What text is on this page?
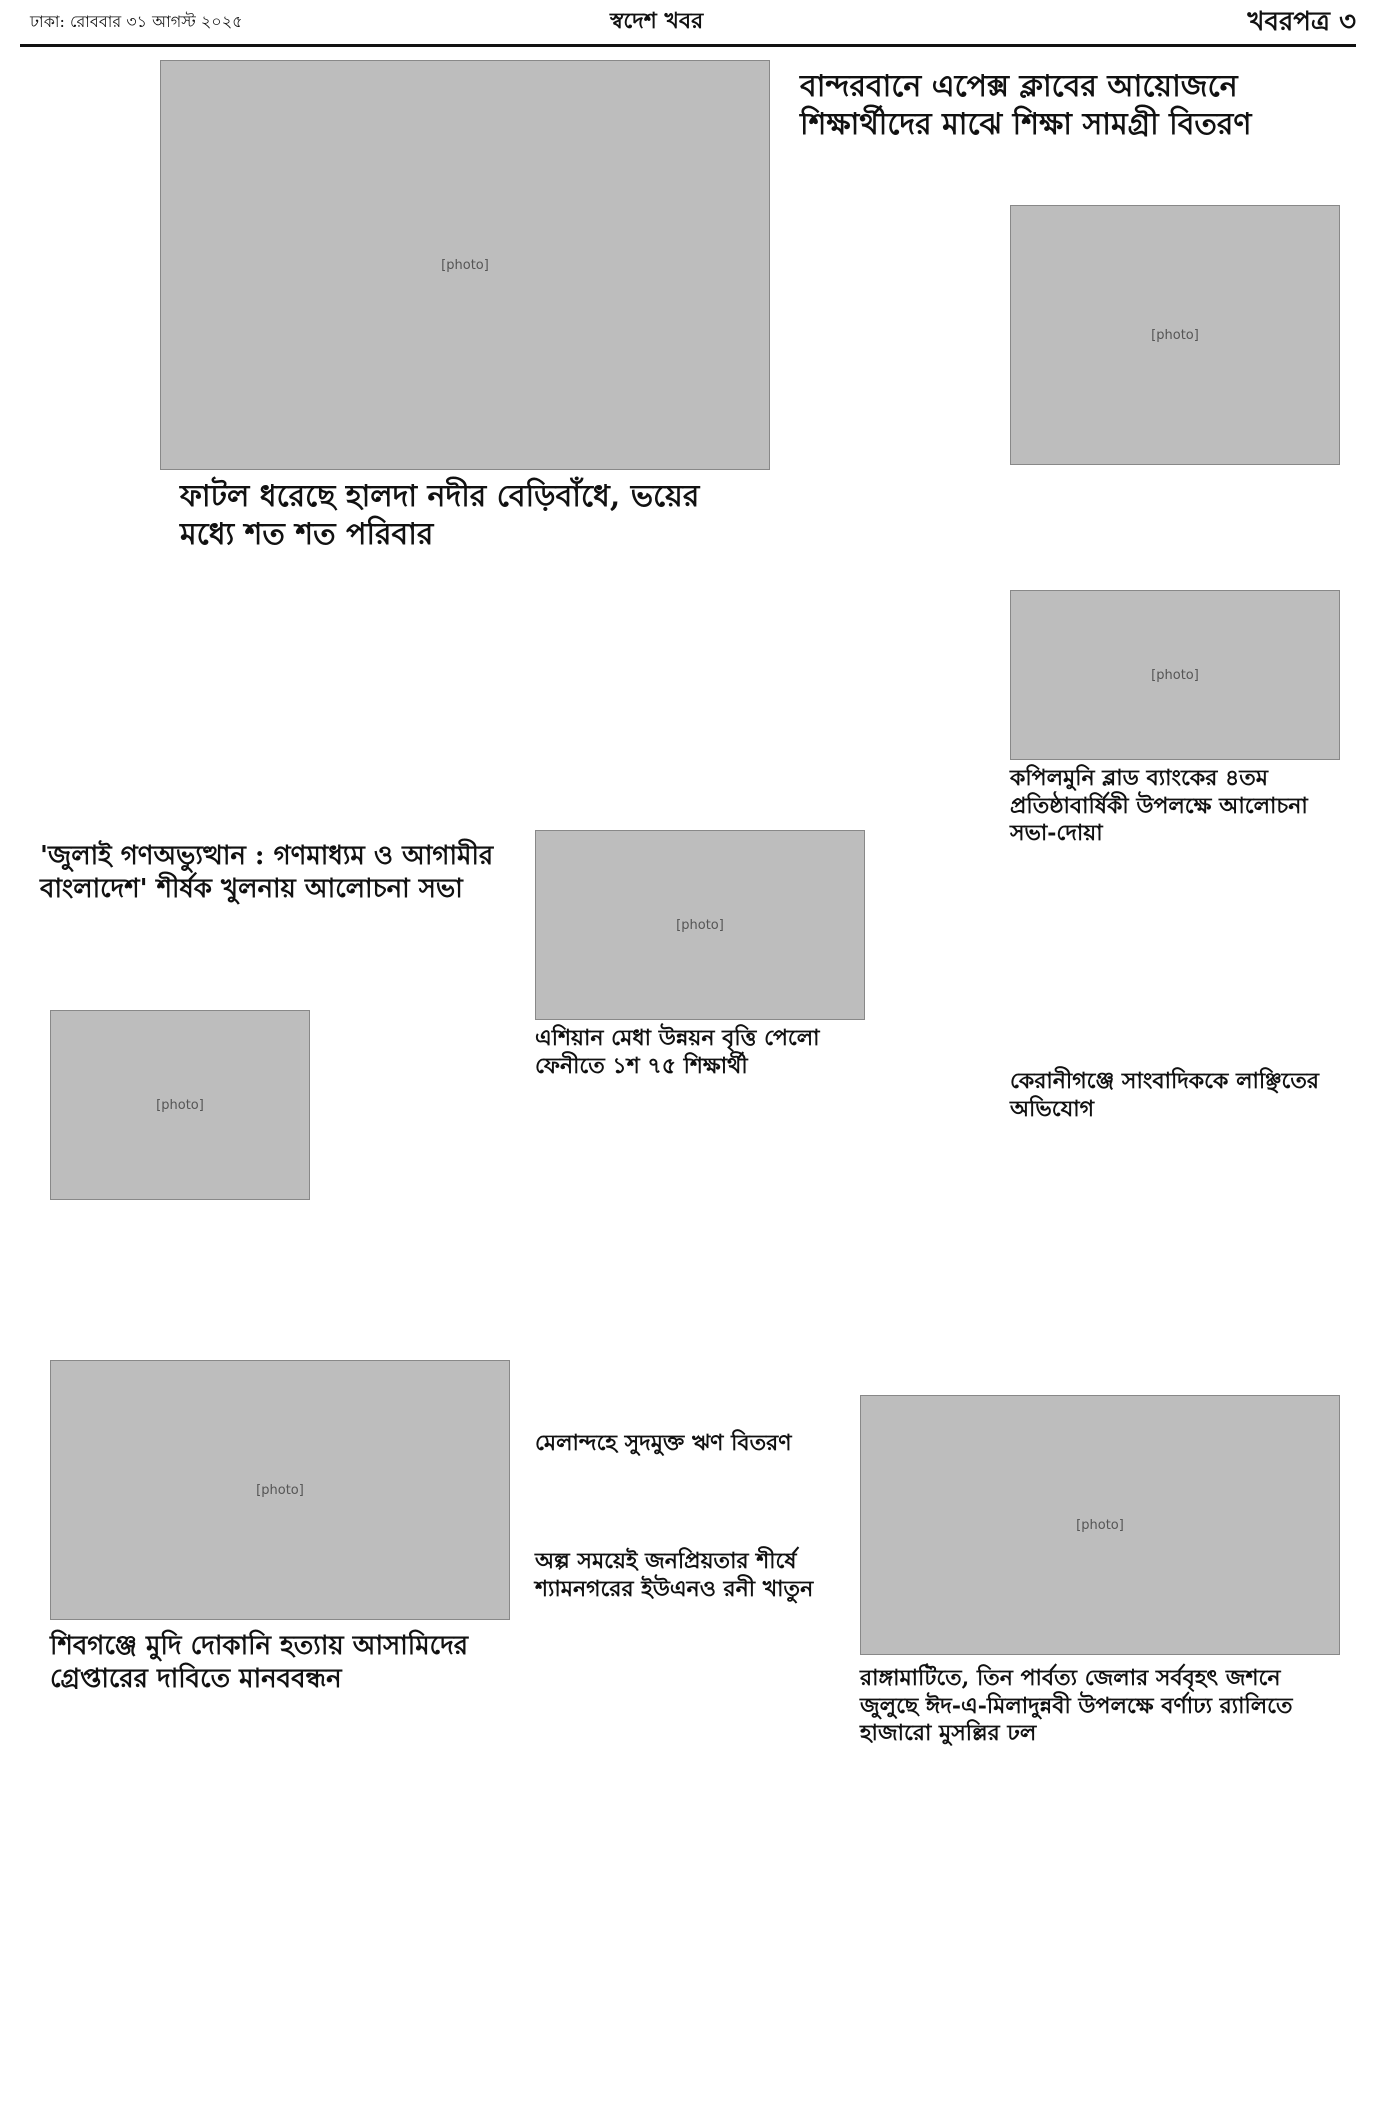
ঢাকা: রোববার ৩১ আগস্ট ২০২৫	স্বদেশ খবর	খবরপত্র ৩
[photo]
ফাটল ধরেছে হালদা নদীর বেড়িবাঁধে, ভয়ের মধ্যে শত শত পরিবার
বান্দরবানে এপেক্স ক্লাবের আয়োজনে শিক্ষার্থীদের মাঝে শিক্ষা সামগ্রী বিতরণ
[photo]
[photo]
কপিলমুনি ব্লাড ব্যাংকের ৪তম প্রতিষ্ঠাবার্ষিকী উপলক্ষে আলোচনা সভা-দোয়া
'জুলাই গণঅভ্যুত্থান : গণমাধ্যম ও আগামীর বাংলাদেশ' শীর্ষক খুলনায় আলোচনা সভা
[photo]
[photo]
এশিয়ান মেধা উন্নয়ন বৃত্তি পেলো ফেনীতে ১শ ৭৫ শিক্ষার্থী
কেরানীগঞ্জে সাংবাদিককে লাঞ্ছিতের অভিযোগ
মেলান্দহে সুদমুক্ত ঋণ বিতরণ
অল্প সময়েই জনপ্রিয়তার শীর্ষে শ্যামনগরের ইউএনও রনী খাতুন
[photo]
শিবগঞ্জে মুদি দোকানি হত্যায় আসামিদের গ্রেপ্তারের দাবিতে মানববন্ধন
[photo]
রাঙ্গামাটিতে, তিন পার্বত্য জেলার সর্ববৃহৎ জশনে জুলুছে ঈদ-এ-মিলাদুন্নবী উপলক্ষে বর্ণাঢ্য র‍্যালিতে হাজারো মুসল্লির ঢল
